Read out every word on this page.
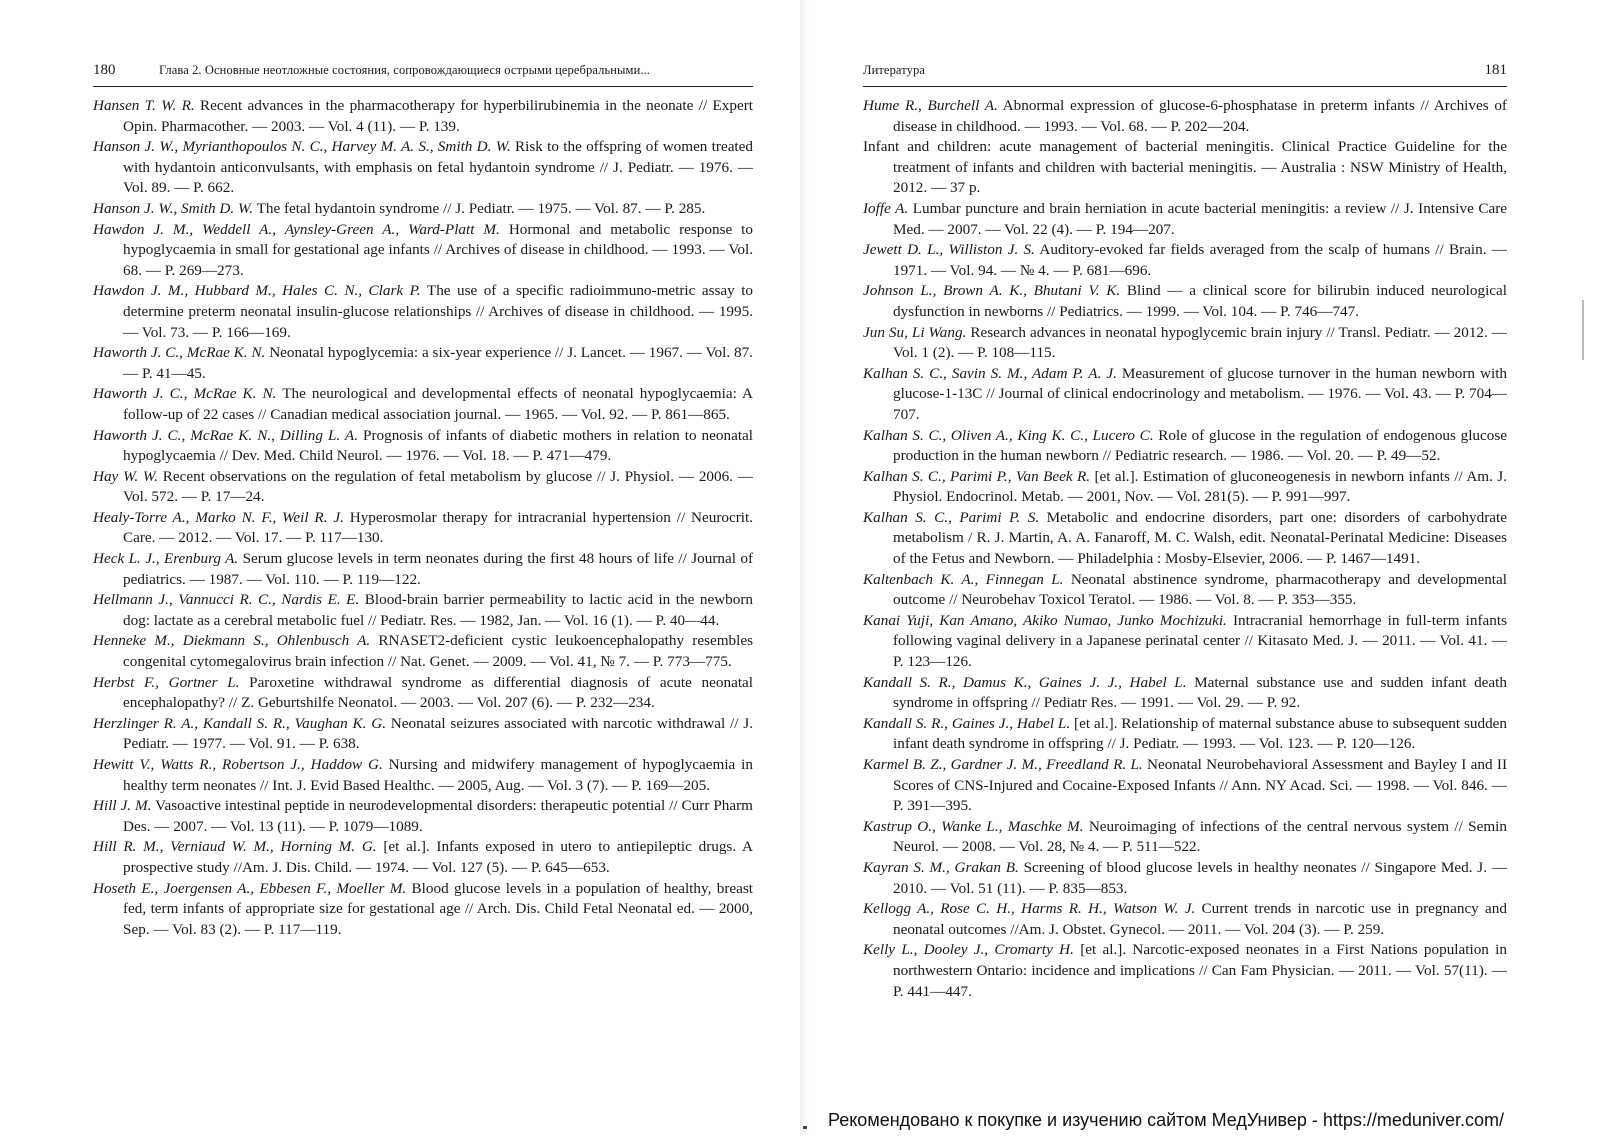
180	Глава 2. Основные неотложные состояния, сопровождающиеся острыми церебральными...
Hansen T. W. R. Recent advances in the pharmacotherapy for hyperbilirubinemia in the neonate // Expert Opin. Pharmacother. — 2003. — Vol. 4 (11). — P. 139.
Hanson J. W., Myrianthopoulos N. C., Harvey M. A. S., Smith D. W. Risk to the offspring of women treated with hydantoin anticonvulsants, with emphasis on fetal hydantoin syndrome // J. Pediatr. — 1976. — Vol. 89. — P. 662.
Hanson J. W., Smith D. W. The fetal hydantoin syndrome // J. Pediatr. — 1975. — Vol. 87. — P. 285.
Hawdon J. M., Weddell A., Aynsley-Green A., Ward-Platt M. Hormonal and metabolic response to hypoglycaemia in small for gestational age infants // Archives of disease in childhood. — 1993. — Vol. 68. — P. 269—273.
Hawdon J. M., Hubbard M., Hales C. N., Clark P. The use of a specific radioimmuno-metric assay to determine preterm neonatal insulin-glucose relationships // Archives of disease in childhood. — 1995. — Vol. 73. — P. 166—169.
Haworth J. C., McRae K. N. Neonatal hypoglycemia: a six-year experience // J. Lancet. — 1967. — Vol. 87. — P. 41—45.
Haworth J. C., McRae K. N. The neurological and developmental effects of neonatal hypoglycaemia: A follow-up of 22 cases // Canadian medical association journal. — 1965. — Vol. 92. — P. 861—865.
Haworth J. C., McRae K. N., Dilling L. A. Prognosis of infants of diabetic mothers in relation to neonatal hypoglycaemia // Dev. Med. Child Neurol. — 1976. — Vol. 18. — P. 471—479.
Hay W. W. Recent observations on the regulation of fetal metabolism by glucose // J. Physiol. — 2006. — Vol. 572. — P. 17—24.
Healy-Torre A., Marko N. F., Weil R. J. Hyperosmolar therapy for intracranial hypertension // Neurocrit. Care. — 2012. — Vol. 17. — P. 117—130.
Heck L. J., Erenburg A. Serum glucose levels in term neonates during the first 48 hours of life // Journal of pediatrics. — 1987. — Vol. 110. — P. 119—122.
Hellmann J., Vannucci R. C., Nardis E. E. Blood-brain barrier permeability to lactic acid in the newborn dog: lactate as a cerebral metabolic fuel // Pediatr. Res. — 1982, Jan. — Vol. 16 (1). — P. 40—44.
Henneke M., Diekmann S., Ohlenbusch A. RNASET2-deficient cystic leukoencephalopathy resembles congenital cytomegalovirus brain infection // Nat. Genet. — 2009. — Vol. 41, № 7. — P. 773—775.
Herbst F., Gortner L. Paroxetine withdrawal syndrome as differential diagnosis of acute neonatal encephalopathy? // Z. Geburtshilfe Neonatol. — 2003. — Vol. 207 (6). — P. 232—234.
Herzlinger R. A., Kandall S. R., Vaughan K. G. Neonatal seizures associated with narcotic withdrawal // J. Pediatr. — 1977. — Vol. 91. — P. 638.
Hewitt V., Watts R., Robertson J., Haddow G. Nursing and midwifery management of hypoglycaemia in healthy term neonates // Int. J. Evid Based Healthc. — 2005, Aug. — Vol. 3 (7). — P. 169—205.
Hill J. M. Vasoactive intestinal peptide in neurodevelopmental disorders: therapeutic potential // Curr Pharm Des. — 2007. — Vol. 13 (11). — P. 1079—1089.
Hill R. M., Verniaud W. M., Horning M. G. [et al.]. Infants exposed in utero to antiepileptic drugs. A prospective study //Am. J. Dis. Child. — 1974. — Vol. 127 (5). — P. 645—653.
Hoseth E., Joergensen A., Ebbesen F., Moeller M. Blood glucose levels in a population of healthy, breast fed, term infants of appropriate size for gestational age // Arch. Dis. Child Fetal Neonatal ed. — 2000, Sep. — Vol. 83 (2). — P. 117—119.
Литература	181
Hume R., Burchell A. Abnormal expression of glucose-6-phosphatase in preterm infants // Archives of disease in childhood. — 1993. — Vol. 68. — P. 202—204.
Infant and children: acute management of bacterial meningitis. Clinical Practice Guideline for the treatment of infants and children with bacterial meningitis. — Australia : NSW Ministry of Health, 2012. — 37 p.
Ioffe A. Lumbar puncture and brain herniation in acute bacterial meningitis: a review // J. Intensive Care Med. — 2007. — Vol. 22 (4). — P. 194—207.
Jewett D. L., Williston J. S. Auditory-evoked far fields averaged from the scalp of humans // Brain. — 1971. — Vol. 94. — № 4. — P. 681—696.
Johnson L., Brown A. K., Bhutani V. K. Blind — a clinical score for bilirubin induced neurological dysfunction in newborns // Pediatrics. — 1999. — Vol. 104. — P. 746—747.
Jun Su, Li Wang. Research advances in neonatal hypoglycemic brain injury // Transl. Pediatr. — 2012. — Vol. 1 (2). — P. 108—115.
Kalhan S. C., Savin S. M., Adam P. A. J. Measurement of glucose turnover in the human newborn with glucose-1-13C // Journal of clinical endocrinology and metabolism. — 1976. — Vol. 43. — P. 704—707.
Kalhan S. C., Oliven A., King K. C., Lucero C. Role of glucose in the regulation of endogenous glucose production in the human newborn // Pediatric research. — 1986. — Vol. 20. — P. 49—52.
Kalhan S. C., Parimi P., Van Beek R. [et al.]. Estimation of gluconeogenesis in newborn infants // Am. J. Physiol. Endocrinol. Metab. — 2001, Nov. — Vol. 281(5). — P. 991—997.
Kalhan S. C., Parimi P. S. Metabolic and endocrine disorders, part one: disorders of carbohydrate metabolism / R. J. Martin, A. A. Fanaroff, M. C. Walsh, edit. Neonatal-Perinatal Medicine: Diseases of the Fetus and Newborn. — Philadelphia : Mosby-Elsevier, 2006. — P. 1467—1491.
Kaltenbach K. A., Finnegan L. Neonatal abstinence syndrome, pharmacotherapy and developmental outcome // Neurobehav Toxicol Teratol. — 1986. — Vol. 8. — P. 353—355.
Kanai Yuji, Kan Amano, Akiko Numao, Junko Mochizuki. Intracranial hemorrhage in full-term infants following vaginal delivery in a Japanese perinatal center // Kitasato Med. J. — 2011. — Vol. 41. — P. 123—126.
Kandall S. R., Damus K., Gaines J. J., Habel L. Maternal substance use and sudden infant death syndrome in offspring // Pediatr Res. — 1991. — Vol. 29. — P. 92.
Kandall S. R., Gaines J., Habel L. [et al.]. Relationship of maternal substance abuse to subsequent sudden infant death syndrome in offspring // J. Pediatr. — 1993. — Vol. 123. — P. 120—126.
Karmel B. Z., Gardner J. M., Freedland R. L. Neonatal Neurobehavioral Assessment and Bayley I and II Scores of CNS-Injured and Cocaine-Exposed Infants // Ann. NY Acad. Sci. — 1998. — Vol. 846. — P. 391—395.
Kastrup O., Wanke L., Maschke M. Neuroimaging of infections of the central nervous system // Semin Neurol. — 2008. — Vol. 28, № 4. — P. 511—522.
Kayran S. M., Grakan B. Screening of blood glucose levels in healthy neonates // Singapore Med. J. — 2010. — Vol. 51 (11). — P. 835—853.
Kellogg A., Rose C. H., Harms R. H., Watson W. J. Current trends in narcotic use in pregnancy and neonatal outcomes //Am. J. Obstet. Gynecol. — 2011. — Vol. 204 (3). — P. 259.
Kelly L., Dooley J., Cromarty H. [et al.]. Narcotic-exposed neonates in a First Nations population in northwestern Ontario: incidence and implications // Can Fam Physician. — 2011. — Vol. 57(11). — P. 441—447.
Рекомендовано к покупке и изучению сайтом МедУнивер - https://meduniver.com/
